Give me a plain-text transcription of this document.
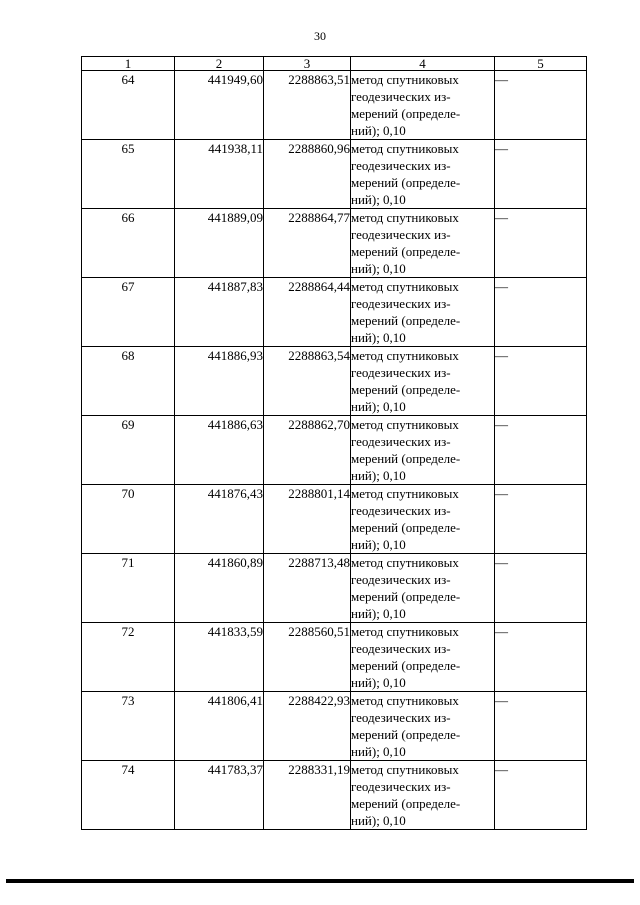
30
1	2	3	4	5
64	441949,60	2288863,51	метод спутниковых
геодезических из-
мерений (определе-
ний); 0,10	—
65	441938,11	2288860,96	метод спутниковых
геодезических из-
мерений (определе-
ний); 0,10	—
66	441889,09	2288864,77	метод спутниковых
геодезических из-
мерений (определе-
ний); 0,10	—
67	441887,83	2288864,44	метод спутниковых
геодезических из-
мерений (определе-
ний); 0,10	—
68	441886,93	2288863,54	метод спутниковых
геодезических из-
мерений (определе-
ний); 0,10	—
69	441886,63	2288862,70	метод спутниковых
геодезических из-
мерений (определе-
ний); 0,10	—
70	441876,43	2288801,14	метод спутниковых
геодезических из-
мерений (определе-
ний); 0,10	—
71	441860,89	2288713,48	метод спутниковых
геодезических из-
мерений (определе-
ний); 0,10	—
72	441833,59	2288560,51	метод спутниковых
геодезических из-
мерений (определе-
ний); 0,10	—
73	441806,41	2288422,93	метод спутниковых
геодезических из-
мерений (определе-
ний); 0,10	—
74	441783,37	2288331,19	метод спутниковых
геодезических из-
мерений (определе-
ний); 0,10	—
